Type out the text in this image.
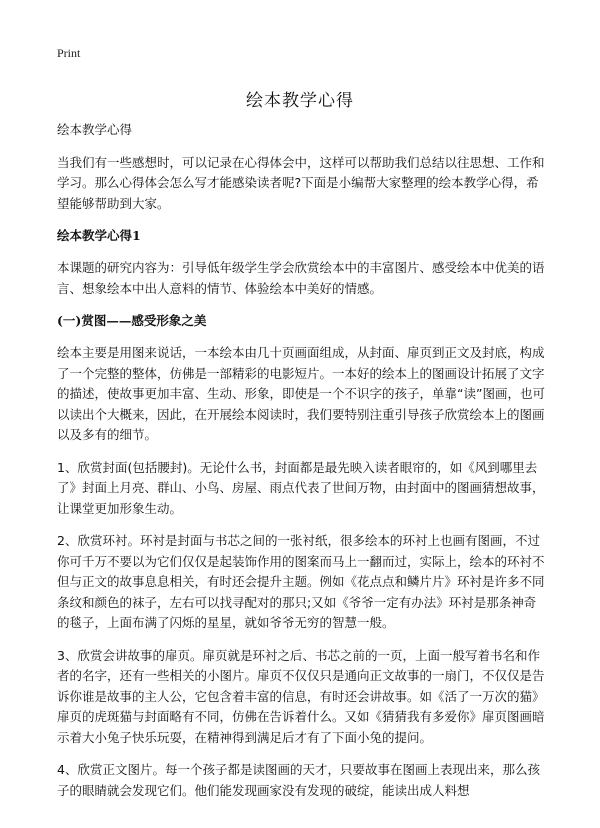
Print
绘本教学心得

绘本教学心得

当我们有一些感想时，可以记录在心得体会中，这样可以帮助我们总结以往思想、工作和学习。那么心得体会怎么写才能感染读者呢?下面是小编帮大家整理的绘本教学心得，希望能够帮助到大家。

绘本教学心得1

本课题的研究内容为：引导低年级学生学会欣赏绘本中的丰富图片、感受绘本中优美的语言、想象绘本中出人意料的情节、体验绘本中美好的情感。

(一)赏图——感受形象之美

绘本主要是用图来说话，一本绘本由几十页画面组成，从封面、扉页到正文及封底，构成了一个完整的整体，仿佛是一部精彩的电影短片。一本好的绘本上的图画设计拓展了文字的描述，使故事更加丰富、生动、形象，即使是一个不识字的孩子，单靠“读”图画，也可以读出个大概来，因此，在开展绘本阅读时，我们要特别注重引导孩子欣赏绘本上的图画以及多有的细节。

1、欣赏封面(包括腰封)。无论什么书，封面都是最先映入读者眼帘的，如《风到哪里去了》封面上月亮、群山、小鸟、房屋、雨点代表了世间万物，由封面中的图画猜想故事，让课堂更加形象生动。

2、欣赏环衬。环衬是封面与书芯之间的一张衬纸，很多绘本的环衬上也画有图画，不过你可千万不要以为它们仅仅是起装饰作用的图案而马上一翻而过，实际上，绘本的环衬不但与正文的故事息息相关，有时还会提升主题。例如《花点点和鳞片片》环衬是许多不同条纹和颜色的袜子，左右可以找寻配对的那只;又如《爷爷一定有办法》环衬是那条神奇的毯子，上面布满了闪烁的星星，就如爷爷无穷的智慧一般。

3、欣赏会讲故事的扉页。扉页就是环衬之后、书芯之前的一页，上面一般写着书名和作者的名字，还有一些相关的小图片。扉页不仅仅只是通向正文故事的一扇门，不仅仅是告诉你谁是故事的主人公，它包含着丰富的信息，有时还会讲故事。如《活了一万次的猫》扉页的虎斑猫与封面略有不同，仿佛在告诉着什么。又如《猜猜我有多爱你》扉页图画暗示着大小兔子快乐玩耍，在精神得到满足后才有了下面小兔的提问。

4、欣赏正文图片。每一个孩子都是读图画的天才，只要故事在图画上表现出来，那么孩子的眼睛就会发现它们。他们能发现画家没有发现的破绽，能读出成人料想
